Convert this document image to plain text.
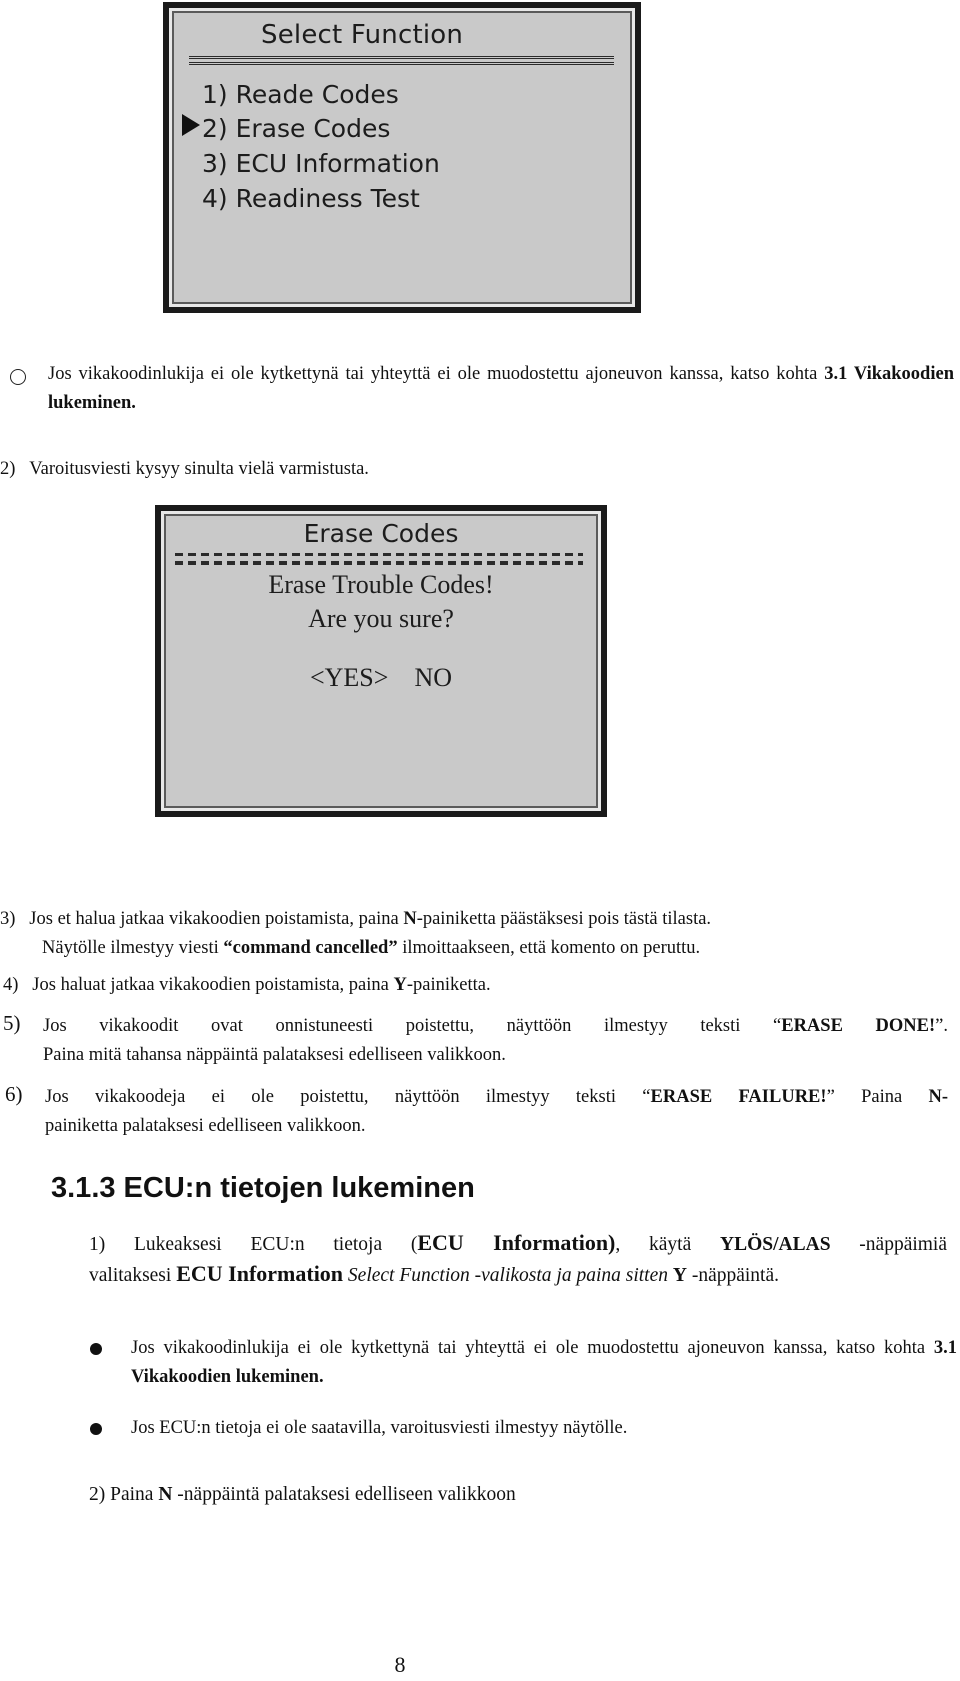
Select Function
1) Reade Codes
2) Erase Codes
3) ECU Information
4) Readiness Test
Jos vikakoodinlukija ei ole kytkettynä tai yhteyttä ei ole muodostettu ajoneuvon kanssa, katso kohta 3.1 Vikakoodien lukeminen.
2) Varoitusviesti kysyy sinulta vielä varmistusta.
Erase Codes
Erase Trouble Codes!
Are you sure?
<YES> NO
3) Jos et halua jatkaa vikakoodien poistamista, paina N-painiketta päästäksesi pois tästä tilasta.
Näytölle ilmestyy viesti “command cancelled” ilmoittaakseen, että komento on peruttu.
4) Jos haluat jatkaa vikakoodien poistamista, paina Y-painiketta.
5) Jos vikakoodit ovat onnistuneesti poistettu, näyttöön ilmestyy teksti “ERASE DONE!”.
Paina mitä tahansa näppäintä palataksesi edelliseen valikkoon.
6) Jos vikakoodeja ei ole poistettu, näyttöön ilmestyy teksti “ERASE FAILURE!” Paina N-
painiketta palataksesi edelliseen valikkoon.
3.1.3 ECU:n tietojen lukeminen
1) Lukeaksesi ECU:n tietoja (ECU Information), käytä YLÖS/ALAS -näppäimiä
valitaksesi ECU Information Select Function -valikosta ja paina sitten Y -näppäintä.
Jos vikakoodinlukija ei ole kytkettynä tai yhteyttä ei ole muodostettu ajoneuvon kanssa, katso kohta 3.1 Vikakoodien lukeminen.
Jos ECU:n tietoja ei ole saatavilla, varoitusviesti ilmestyy näytölle.
2) Paina N -näppäintä palataksesi edelliseen valikkoon
8
